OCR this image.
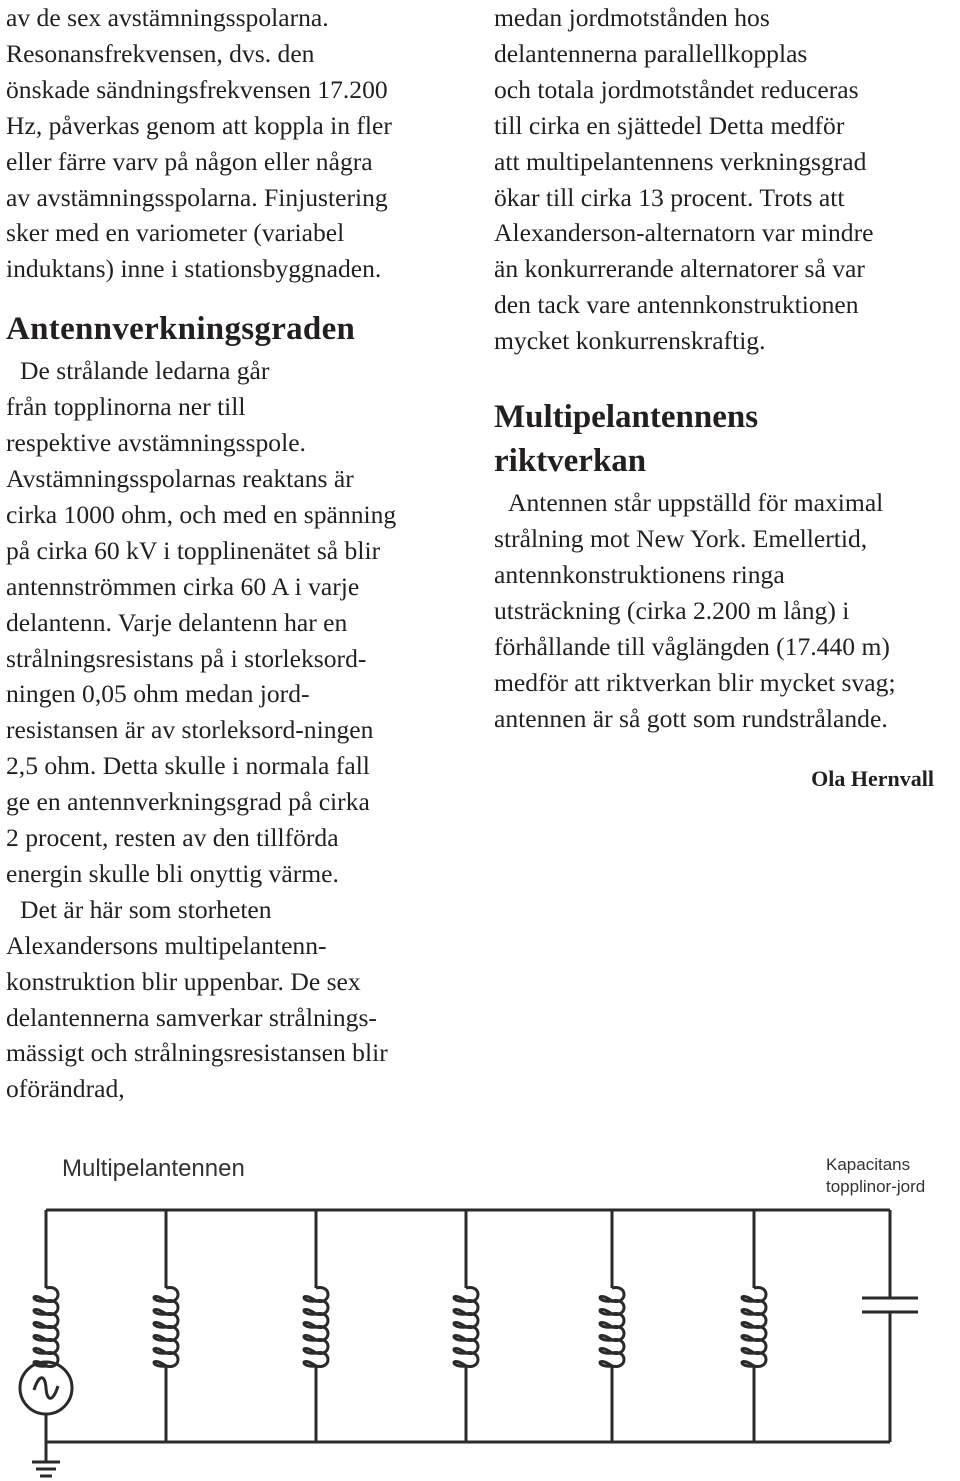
av de sex avstämningsspolarna.
Resonansfrekvensen, dvs. den
önskade sändningsfrekvensen 17.200
Hz, påverkas genom att koppla in fler
eller färre varv på någon eller några
av avstämningsspolarna. Finjustering
sker med en variometer (variabel
induktans) inne i stationsbyggnaden.
Antennverkningsgraden
De strålande ledarna går
från topplinorna ner till
respektive avstämningsspole.
Avstämningsspolarnas reaktans är
cirka 1000 ohm, och med en spänning
på cirka 60 kV i topplinenätet så blir
antennströmmen cirka 60 A i varje
delantenn. Varje delantenn har en
strålningsresistans på i storleksord-
ningen 0,05 ohm medan jord-
resistansen är av storleksord-ningen
2,5 ohm. Detta skulle i normala fall
ge en antennverkningsgrad på cirka
2 procent, resten av den tillförda
energin skulle bli onyttig värme.
Det är här som storheten
Alexandersons multipelantenn-
konstruktion blir uppenbar. De sex
delantennerna samverkar strålnings-
mässigt och strålningsresistansen blir
oförändrad,
medan jordmotstånden hos
delantennerna parallellkopplas
och totala jordmotståndet reduceras
till cirka en sjättedel Detta medför
att multipelantennens verkningsgrad
ökar till cirka 13 procent. Trots att
Alexanderson-alternatorn var mindre
än konkurrerande alternatorer så var
den tack vare antennkonstruktionen
mycket konkurrenskraftig.
Multipelantennens
riktverkan
Antennen står uppställd för maximal
strålning mot New York. Emellertid,
antennkonstruktionens ringa
utsträckning (cirka 2.200 m lång) i
förhållande till våglängden (17.440 m)
medför att riktverkan blir mycket svag;
antennen är så gott som rundstrålande.
Ola Hernvall
Multipelantennen	Kapacitans
topplinor-jord
